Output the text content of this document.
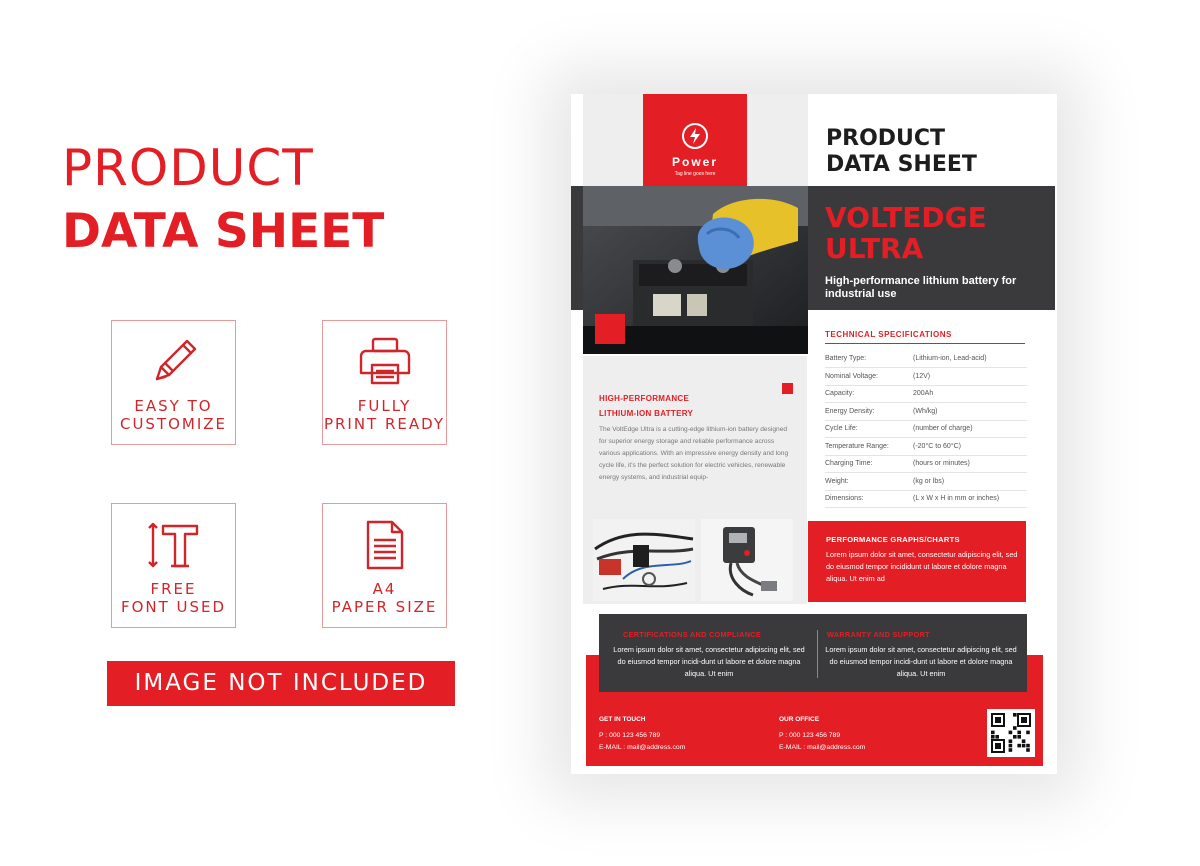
PRODUCT
DATA SHEET
EASY TO
CUSTOMIZE
FULLY
PRINT READY
FREE
FONT USED
A4
PAPER SIZE
IMAGE NOT INCLUDED
Power
Tag line goes here
PRODUCT
DATA SHEET
VOLTEDGE
ULTRA
High-performance lithium battery for industrial use
TECHNICAL SPECIFICATIONS
HIGH-PERFORMANCE
LITHIUM-ION BATTERY
The VoltEdge Ultra is a cutting-edge lithium-ion battery designed for superior energy storage and reliable performance across various applications. With an impressive energy density and long cycle life, it's the perfect solution for electric vehicles, renewable energy systems, and industrial equip-
PERFORMANCE GRAPHS/CHARTS
Lorem ipsum dolor sit amet, consectetur adipiscing elit, sed do eiusmod tempor incididunt ut labore et dolore magna aliqua. Ut enim ad
GET IN TOUCH
P : 000 123 456 789
E-MAIL : mail@address.com
OUR OFFICE
P : 000 123 456 789
E-MAIL : mail@address.com
CERTIFICATIONS AND COMPLIANCE
Lorem ipsum dolor sit amet, consectetur adipiscing elit, sed do eiusmod tempor incidi-dunt ut labore et dolore magna aliqua. Ut enim
WARRANTY AND SUPPORT
Lorem ipsum dolor sit amet, consectetur adipiscing elit, sed do eiusmod tempor incidi-dunt ut labore et dolore magna aliqua. Ut enim
Battery Type:	(Lithium-ion, Lead-acid)
Nominal Voltage:	(12V)
Capacity:	200Ah
Energy Density:	(Wh/kg)
Cycle Life:	(number of charge)
Temperature Range:	(-20°C to 60°C)
Charging Time:	(hours or minutes)
Weight:	(kg or lbs)
Dimensions:	(L x W x H in mm or inches)
